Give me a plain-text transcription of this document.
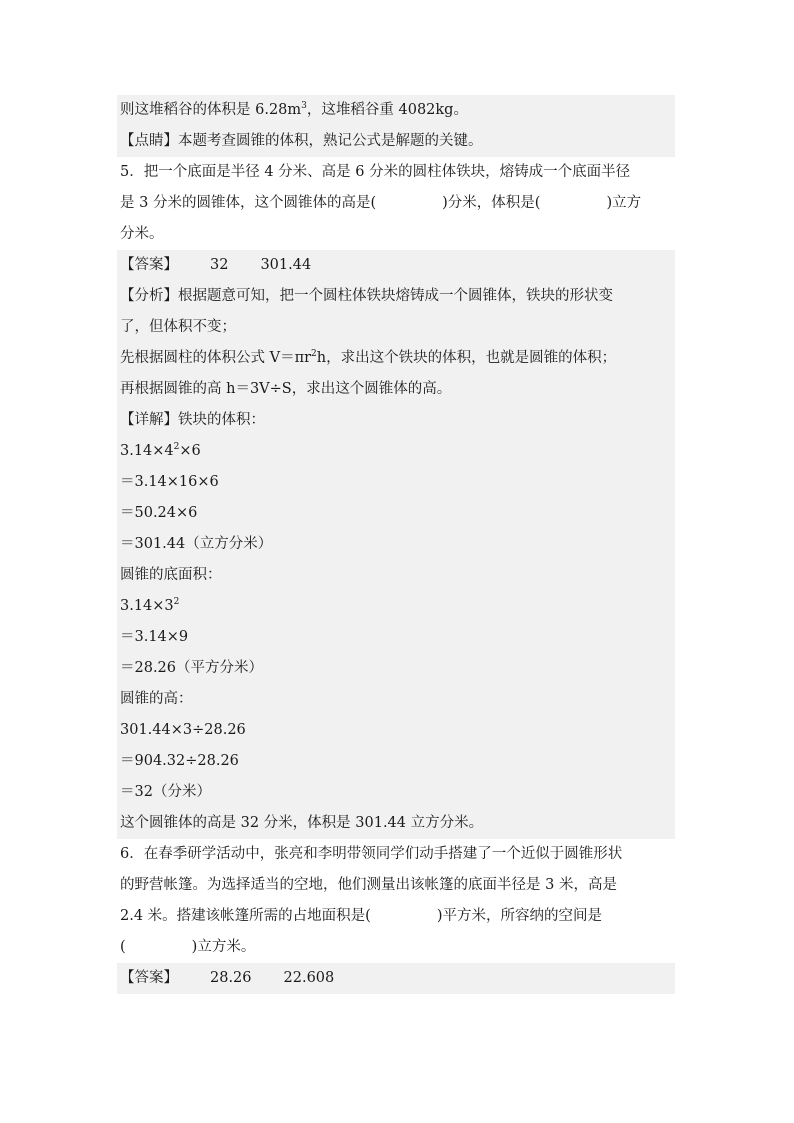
则这堆稻谷的体积是 $6.28m^3$，这堆稻谷重 4082kg。
【点睛】本题考查圆锥的体积，熟记公式是解题的关键。
5．把一个底面是半径 4 分米、高是 6 分米的圆柱体铁块，熔铸成一个底面半径
是 3 分米的圆锥体，这个圆锥体的高是(	)分米，体积是(	)立方
分米。
【答案】 32 301.44
【分析】根据题意可知，把一个圆柱体铁块熔铸成一个圆锥体，铁块的形状变
了，但体积不变；
先根据圆柱的体积公式 $V=\pi r^2h$，求出这个铁块的体积，也就是圆锥的体积；
再根据圆锥的高 h＝3V÷S，求出这个圆锥体的高。
【详解】铁块的体积：
$3.14\times 4^2\times 6$
＝3.14×16×6
＝50.24×6
＝301.44（立方分米）
圆锥的底面积：
$3.14\times 3^2$
＝3.14×9
＝28.26（平方分米）
圆锥的高：
301.44×3÷28.26
＝904.32÷28.26
＝32（分米）
这个圆锥体的高是 32 分米，体积是 301.44 立方分米。
6．在春季研学活动中，张亮和李明带领同学们动手搭建了一个近似于圆锥形状
的野营帐篷。为选择适当的空地，他们测量出该帐篷的底面半径是 3 米，高是
2.4 米。搭建该帐篷所需的占地面积是(	)平方米，所容纳的空间是
(	)立方米。
【答案】 28.26 22.608
